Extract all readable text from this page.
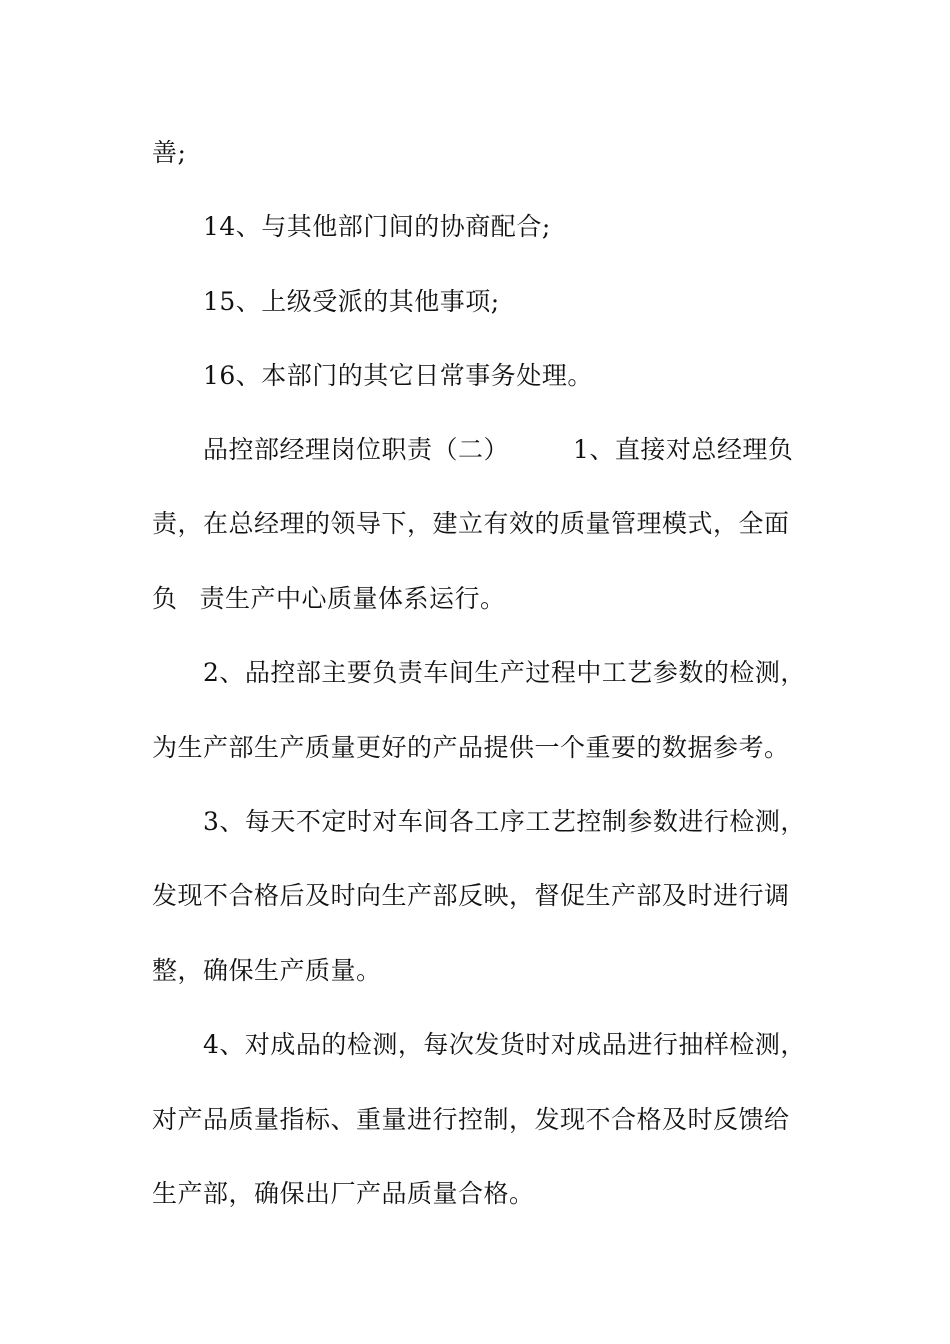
善;
14、与其他部门间的协商配合;
15、上级受派的其他事项;
16、本部门的其它日常事务处理。
品控部经理岗位职责（二）	1、直接对总经理负
责，在总经理的领导下，建立有效的质量管理模式，全面
负 责生产中心质量体系运行。
2、品控部主要负责车间生产过程中工艺参数的检测，
为生产部生产质量更好的产品提供一个重要的数据参考。
3、每天不定时对车间各工序工艺控制参数进行检测，
发现不合格后及时向生产部反映，督促生产部及时进行调
整，确保生产质量。
4、对成品的检测，每次发货时对成品进行抽样检测，
对产品质量指标、重量进行控制，发现不合格及时反馈给
生产部，确保出厂产品质量合格。
